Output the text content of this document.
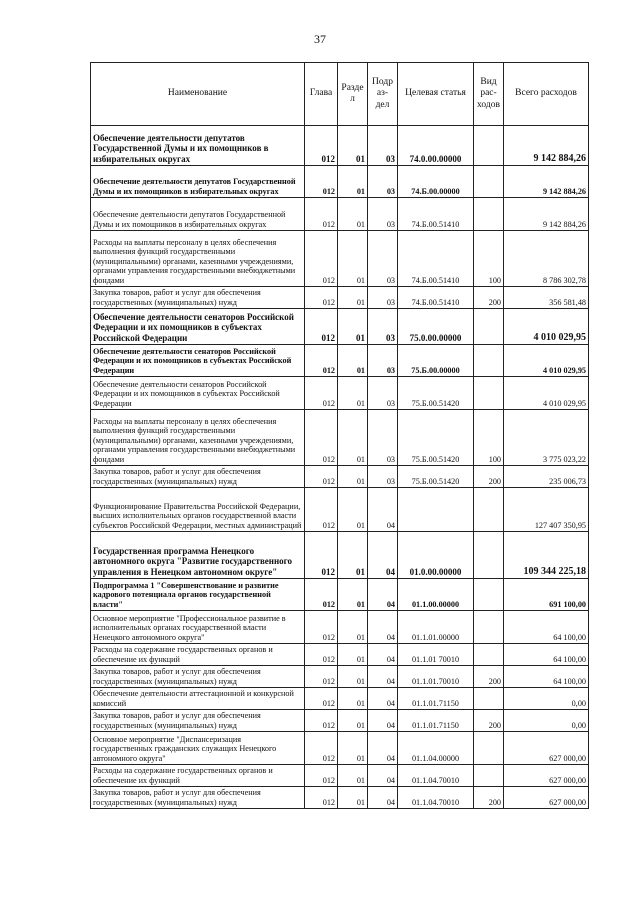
37
Наименование	Глава	Разде л	Подр аз- дел	Целевая статья	Вид рас- ходов	Всего расходов
Обеспечение деятельности депутатов Государственной Думы и их помощников в избирательных округах	012	01	03	74.0.00.00000		9 142 884,26
Обеспечение деятельности депутатов Государственной Думы и их помощников в избирательных округах	012	01	03	74.Б.00.00000		9 142 884,26
Обеспечение деятельности депутатов Государственной Думы и их помощников в избирательных округах	012	01	03	74.Б.00.51410		9 142 884,26
Расходы на выплаты персоналу в целях обеспечения выполнения функций государственными (муниципальными) органами, казенными учреждениями, органами управления государственными внебюджетными фондами	012	01	03	74.Б.00.51410	100	8 786 302,78
Закупка товаров, работ и услуг для обеспечения государственных (муниципальных) нужд	012	01	03	74.Б.00.51410	200	356 581,48
Обеспечение деятельности сенаторов Российской Федерации и их помощников в субъектах Российской Федерации	012	01	03	75.0.00.00000		4 010 029,95
Обеспечение деятельности сенаторов Российской Федерации и их помощников в субъектах Российской Федерации	012	01	03	75.Б.00.00000		4 010 029,95
Обеспечение деятельности сенаторов Российской Федерации и их помощников в субъектах Российской Федерации	012	01	03	75.Б.00.51420		4 010 029,95
Расходы на выплаты персоналу в целях обеспечения выполнения функций государственными (муниципальными) органами, казенными учреждениями, органами управления государственными внебюджетными фондами	012	01	03	75.Б.00.51420	100	3 775 023,22
Закупка товаров, работ и услуг для обеспечения государственных (муниципальных) нужд	012	01	03	75.Б.00.51420	200	235 006,73
Функционирование Правительства Российской Федерации, высших исполнительных органов государственной власти субъектов Российской Федерации, местных администраций	012	01	04			127 407 350,95
Государственная программа Ненецкого автономного округа "Развитие государственного управления в Ненецком автономном округе"	012	01	04	01.0.00.00000		109 344 225,18
Подпрограмма 1 "Совершенствование и развитие кадрового потенциала органов государственной власти"	012	01	04	01.1.00.00000		691 100,00
Основное мероприятие "Профессиональное развитие в исполнительных органах государственной власти Ненецкого автономного округа"	012	01	04	01.1.01.00000		64 100,00
Расходы на содержание государственных органов и обеспечение их функций	012	01	04	01.1.01 70010		64 100,00
Закупка товаров, работ и услуг для обеспечения государственных (муниципальных) нужд	012	01	04	01.1.01.70010	200	64 100,00
Обеспечение деятельности аттестационной и конкурсной комиссий	012	01	04	01.1.01.71150		0,00
Закупка товаров, работ и услуг для обеспечения государственных (муниципальных) нужд	012	01	04	01.1.01.71150	200	0,00
Основное мероприятие "Диспансеризация государственных гражданских служащих Ненецкого автономного округа"	012	01	04	01.1.04.00000		627 000,00
Расходы на содержание государственных органов и обеспечение их функций	012	01	04	01.1.04.70010		627 000,00
Закупка товаров, работ и услуг для обеспечения государственных (муниципальных) нужд	012	01	04	01.1.04.70010	200	627 000,00
